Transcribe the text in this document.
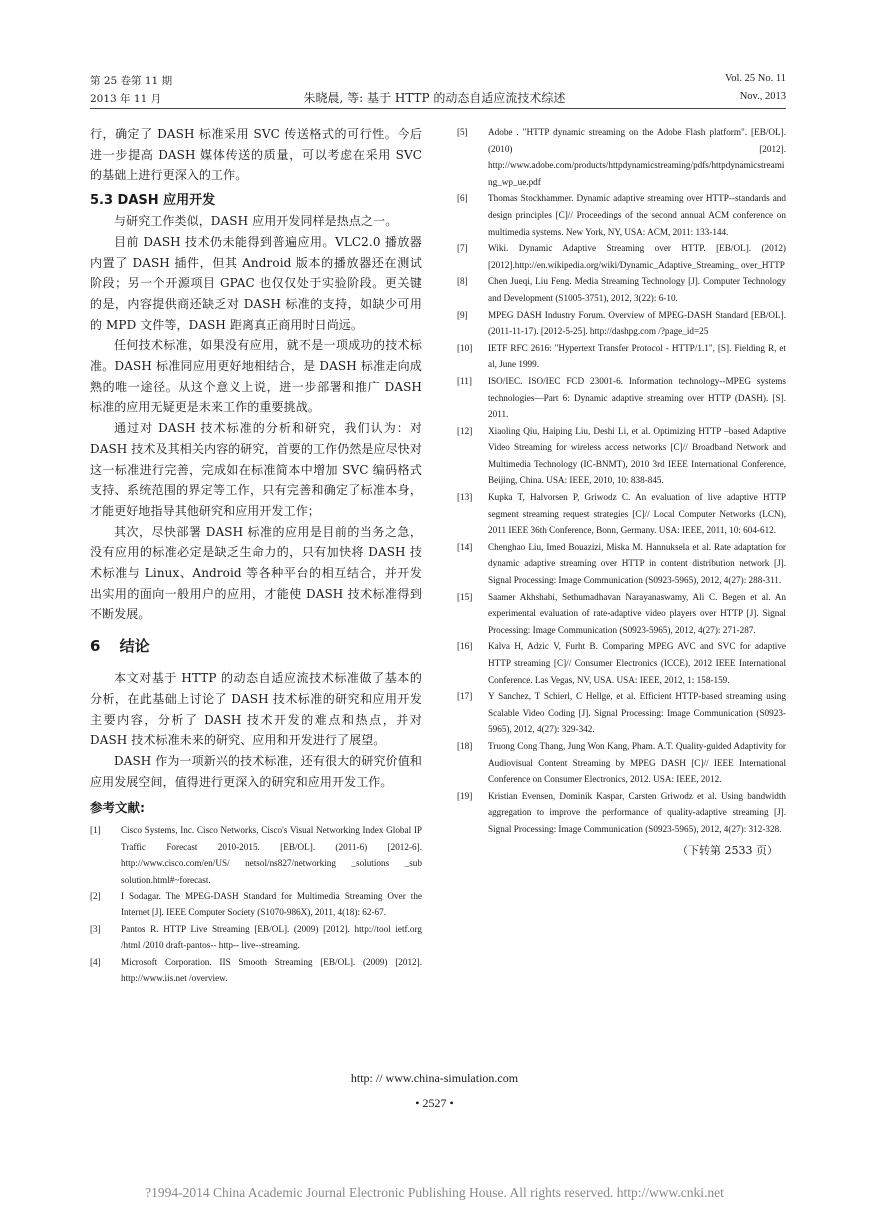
第 25 卷第 11 期
2013 年 11 月	朱晓晨, 等: 基于 HTTP 的动态自适应流技术综述
Vol. 25 No. 11
Nov., 2013

行，确定了 DASH 标准采用 SVC 传送格式的可行性。今后进一步提高 DASH 媒体传送的质量，可以考虑在采用 SVC 的基础上进行更深入的工作。

5.3 DASH 应用开发

与研究工作类似，DASH 应用开发同样是热点之一。

目前 DASH 技术仍未能得到普遍应用。VLC2.0 播放器内置了 DASH 插件，但其 Android 版本的播放器还在测试阶段；另一个开源项目 GPAC 也仅仅处于实验阶段。更关键的是，内容提供商还缺乏对 DASH 标准的支持，如缺少可用的 MPD 文件等，DASH 距离真正商用时日尚远。

任何技术标准，如果没有应用，就不是一项成功的技术标准。DASH 标准同应用更好地相结合，是 DASH 标准走向成熟的唯一途径。从这个意义上说，进一步部署和推广 DASH 标准的应用无疑更是未来工作的重要挑战。

通过对 DASH 技术标准的分析和研究，我们认为：对 DASH 技术及其相关内容的研究，首要的工作仍然是应尽快对这一标准进行完善，完成如在标准简本中增加 SVC 编码格式支持、系统范围的界定等工作，只有完善和确定了标准本身，才能更好地指导其他研究和应用开发工作；

其次，尽快部署 DASH 标准的应用是目前的当务之急，没有应用的标准必定是缺乏生命力的，只有加快将 DASH 技术标准与 Linux、Android 等各种平台的相互结合，并开发出实用的面向一般用户的应用，才能使 DASH 技术标准得到不断发展。

6 结论

本文对基于 HTTP 的动态自适应流技术标准做了基本的分析，在此基础上讨论了 DASH 技术标准的研究和应用开发主要内容，分析了 DASH 技术开发的难点和热点，并对 DASH 技术标准未来的研究、应用和开发进行了展望。

DASH 作为一项新兴的技术标准，还有很大的研究价值和应用发展空间，值得进行更深入的研究和应用开发工作。

参考文献:
[1]	Cisco Systems, Inc. Cisco Networks, Cisco's Visual Networking Index Global IP Traffic Forecast 2010-2015. [EB/OL]. (2011-6) [2012-6]. http://www.cisco.com/en/US/ netsol/ns827/networking _solutions _sub solution.html#~forecast.
[2]	I Sodagar. The MPEG-DASH Standard for Multimedia Streaming Over the Internet [J]. IEEE Computer Society (S1070-986X), 2011, 4(18): 62-67.
[3]	Pantos R. HTTP Live Streaming [EB/OL]. (2009) [2012]. http://tool ietf.org /html /2010 draft-pantos-- http-- live--streaming.
[4]	Microsoft Corporation. IIS Smooth Streaming [EB/OL]. (2009) [2012]. http://www.iis.net /overview.
[5]	Adobe . "HTTP dynamic streaming on the Adobe Flash platform". [EB/OL]. (2010) [2012]. http://www.adobe.com/products/httpdynamicstreaming/pdfs/httpdynamicstreaming_wp_ue.pdf
[6]	Thomas Stockhammer. Dynamic adaptive streaming over HTTP--standards and design principles [C]// Proceedings of the second annual ACM conference on multimedia systems. New York, NY, USA: ACM, 2011: 133-144.
[7]	Wiki. Dynamic Adaptive Streaming over HTTP. [EB/OL]. (2012) [2012].http://en.wikipedia.org/wiki/Dynamic_Adaptive_Streaming_ over_HTTP
[8]	Chen Jueqi, Liu Feng. Media Streaming Technology [J]. Computer Technology and Development (S1005-3751), 2012, 3(22): 6-10.
[9]	MPEG DASH Industry Forum. Overview of MPEG-DASH Standard [EB/OL]. (2011-11-17). [2012-5-25]. http://dashpg.com /?page_id=25
[10]	IETF RFC 2616: "Hypertext Transfer Protocol - HTTP/1.1", [S]. Fielding R, et al, June 1999.
[11]	ISO/IEC. ISO/IEC FCD 23001-6. Information technology--MPEG systems technologies—Part 6: Dynamic adaptive streaming over HTTP (DASH). [S]. 2011.
[12]	Xiaoling Qiu, Haiping Liu, Deshi Li, et al. Optimizing HTTP –based Adaptive Video Streaming for wireless access networks [C]// Broadband Network and Multimedia Technology (IC-BNMT), 2010 3rd IEEE International Conference, Beijing, China. USA: IEEE, 2010, 10: 838-845.
[13]	Kupka T, Halvorsen P, Griwodz C. An evaluation of live adaptive HTTP segment streaming request strategies [C]// Local Computer Networks (LCN), 2011 IEEE 36th Conference, Bonn, Germany. USA: IEEE, 2011, 10: 604-612.
[14]	Chenghao Liu, Imed Bouazizi, Miska M. Hannuksela et al. Rate adaptation for dynamic adaptive streaming over HTTP in content distribution network [J]. Signal Processing: Image Communication (S0923-5965), 2012, 4(27): 288-311.
[15]	Saamer Akhshabi, Sethumadhavan Narayanaswamy, Ali C. Begen et al. An experimental evaluation of rate-adaptive video players over HTTP [J]. Signal Processing: Image Communication (S0923-5965), 2012, 4(27): 271-287.
[16]	Kalva H, Adzic V, Furht B. Comparing MPEG AVC and SVC for adaptive HTTP streaming [C]// Consumer Electronics (ICCE), 2012 IEEE International Conference. Las Vegas, NV, USA. USA: IEEE, 2012, 1: 158-159.
[17]	Y Sanchez, T Schierl, C Hellge, et al. Efficient HTTP-based streaming using Scalable Video Coding [J]. Signal Processing: Image Communication (S0923-5965), 2012, 4(27): 329-342.
[18]	Truong Cong Thang, Jung Won Kang, Pham. A.T. Quality-guided Adaptivity for Audiovisual Content Streaming by MPEG DASH [C]// IEEE International Conference on Consumer Electronics, 2012. USA: IEEE, 2012.
[19]	Kristian Evensen, Dominik Kaspar, Carsten Griwodz et al. Using bandwidth aggregation to improve the performance of quality-adaptive streaming [J]. Signal Processing: Image Communication (S0923-5965), 2012, 4(27): 312-328.
（下转第 2533 页）
http: // www.china-simulation.com
• 2527 •
?1994-2014 China Academic Journal Electronic Publishing House. All rights reserved. http://www.cnki.net
